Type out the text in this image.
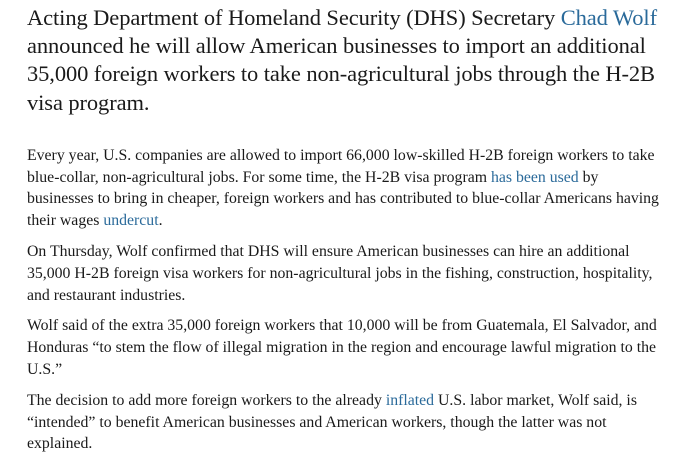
Acting Department of Homeland Security (DHS) Secretary Chad Wolf announced he will allow American businesses to import an additional 35,000 foreign workers to take non-agricultural jobs through the H-2B visa program.

Every year, U.S. companies are allowed to import 66,000 low-skilled H-2B foreign workers to take blue-collar, non-agricultural jobs. For some time, the H-2B visa program has been used by businesses to bring in cheaper, foreign workers and has contributed to blue-collar Americans having their wages undercut.

On Thursday, Wolf confirmed that DHS will ensure American businesses can hire an additional 35,000 H-2B foreign visa workers for non-agricultural jobs in the fishing, construction, hospitality, and restaurant industries.

Wolf said of the extra 35,000 foreign workers that 10,000 will be from Guatemala, El Salvador, and Honduras “to stem the flow of illegal migration in the region and encourage lawful migration to the U.S.”

The decision to add more foreign workers to the already inflated U.S. labor market, Wolf said, is “intended” to benefit American businesses and American workers, though the latter was not explained.
